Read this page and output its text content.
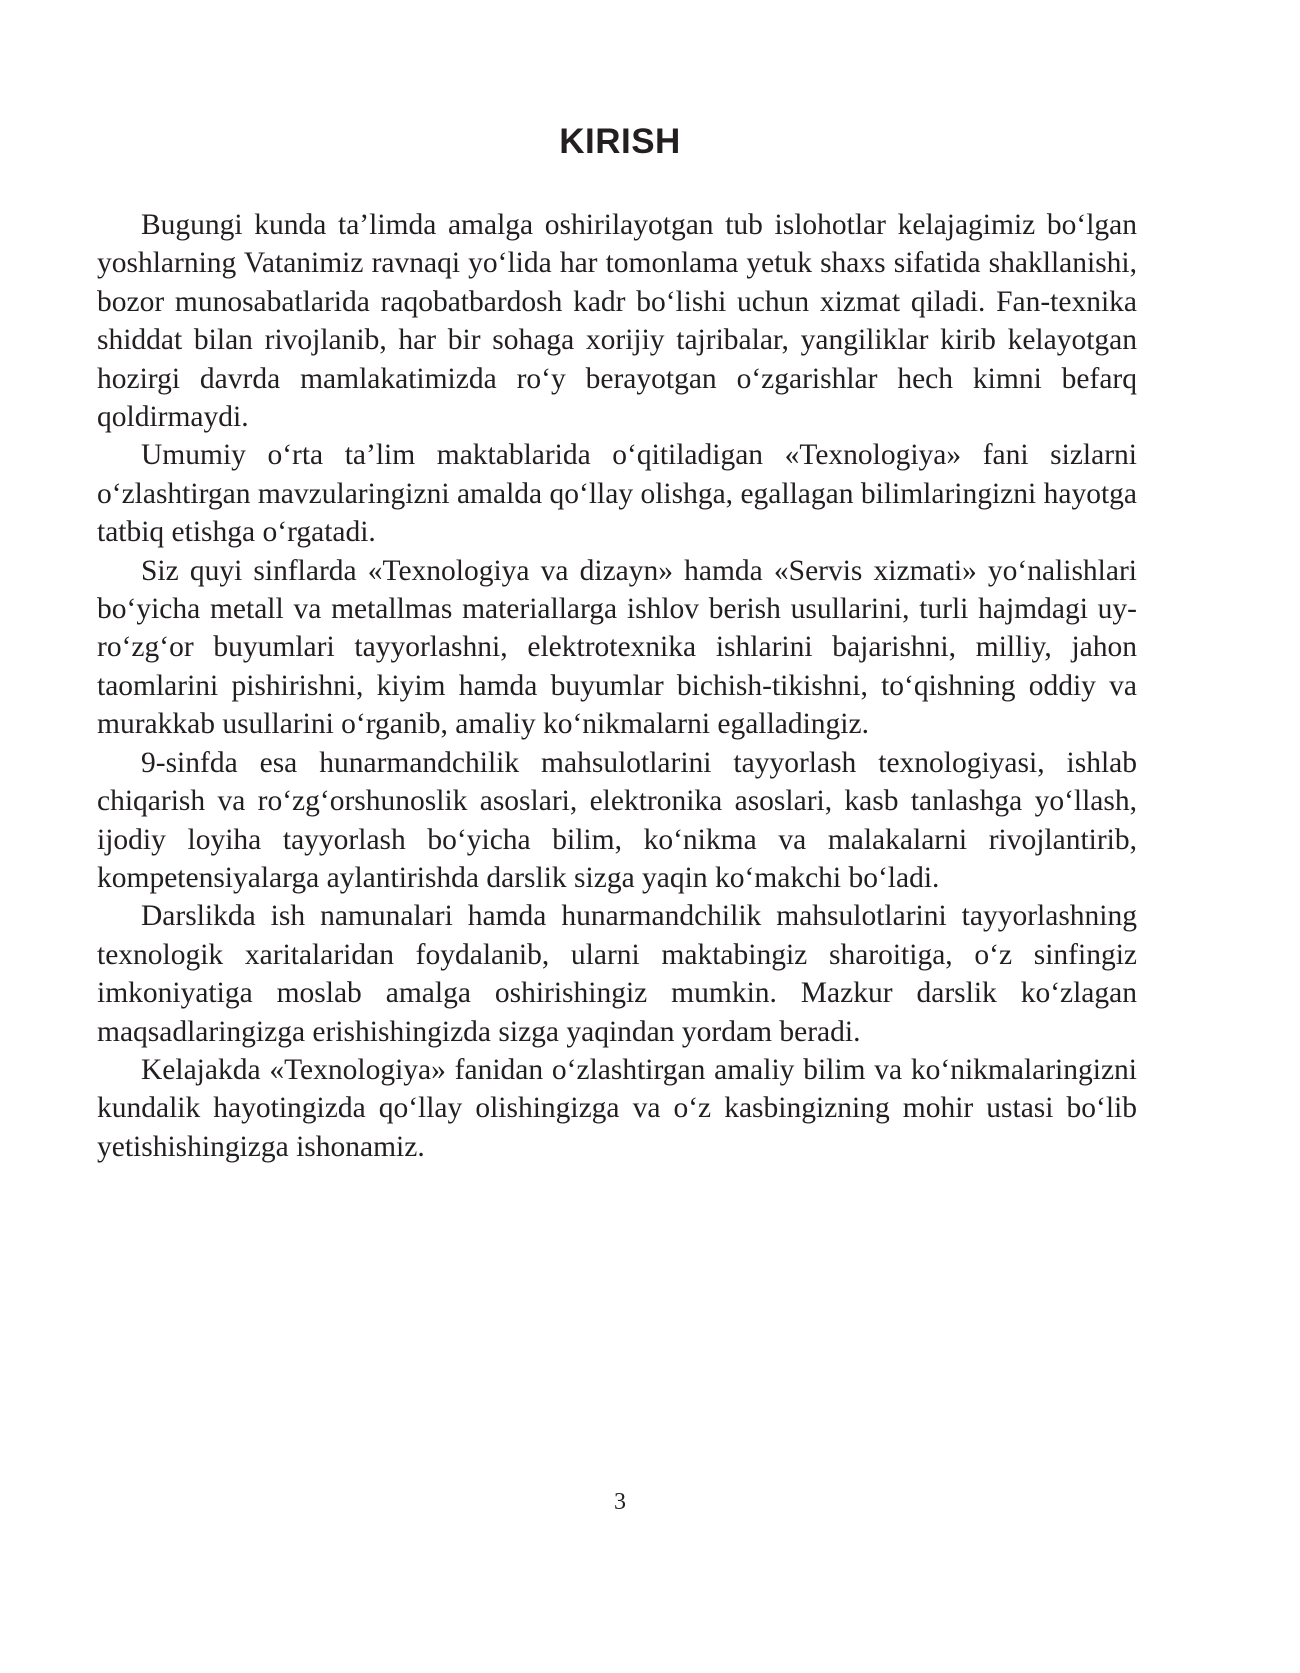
KIRISH

Bugungi kunda ta’limda amalga oshirilayotgan tub islohotlar kelajagimiz bo‘lgan yoshlarning Vatanimiz ravnaqi yo‘lida har tomonlama yetuk shaxs sifatida shakllanishi, bozor munosabatlarida raqobatbardosh kadr bo‘lishi uchun xizmat qiladi. Fan-texnika shiddat bilan rivojlanib, har bir sohaga xorijiy tajribalar, yangiliklar kirib kelayotgan hozirgi davrda mamlakatimizda ro‘y berayotgan o‘zgarishlar hech kimni befarq qoldirmaydi.

Umumiy o‘rta ta’lim maktablarida o‘qitiladigan «Texnologiya» fani sizlarni o‘zlashtirgan mavzularingizni amalda qo‘llay olishga, egallagan bilimlaringizni hayotga tatbiq etishga o‘rgatadi.

Siz quyi sinflarda «Texnologiya va dizayn» hamda «Servis xizmati» yo‘nalishlari bo‘yicha metall va metallmas materiallarga ishlov berish usullarini, turli hajmdagi uy-ro‘zg‘or buyumlari tayyorlashni, elektrotexnika ishlarini bajarishni, milliy, jahon taomlarini pishirishni, kiyim hamda buyumlar bichish-tikishni, to‘qishning oddiy va murakkab usullarini o‘rganib, amaliy ko‘nikmalarni egalladingiz.

9-sinfda esa hunarmandchilik mahsulotlarini tayyorlash texnologiyasi, ishlab chiqarish va ro‘zg‘orshunoslik asoslari, elektronika asoslari, kasb tanlashga yo‘llash, ijodiy loyiha tayyorlash bo‘yicha bilim, ko‘nikma va malakalarni rivojlantirib, kompetensiyalarga aylantirishda darslik sizga yaqin ko‘makchi bo‘ladi.

Darslikda ish namunalari hamda hunarmandchilik mahsulotlarini tayyorlashning texnologik xaritalaridan foydalanib, ularni maktabingiz sharoitiga, o‘z sinfingiz imkoniyatiga moslab amalga oshirishingiz mumkin. Mazkur darslik ko‘zlagan maqsadlaringizga erishishingizda sizga yaqindan yordam beradi.

Kelajakda «Texnologiya» fanidan o‘zlashtirgan amaliy bilim va ko‘nikmalaringizni kundalik hayotingizda qo‘llay olishingizga va o‘z kasbingizning mohir ustasi bo‘lib yetishishingizga ishonamiz.

3
